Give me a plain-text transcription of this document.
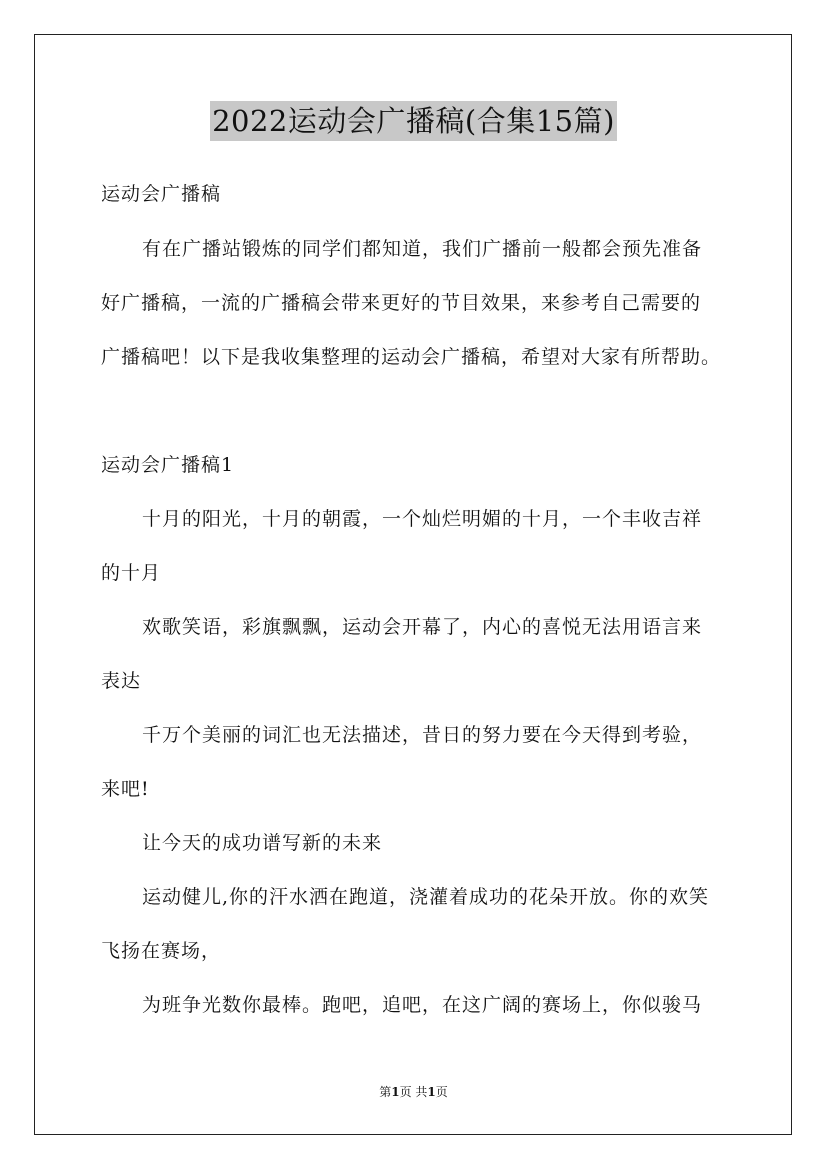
2022运动会广播稿(合集15篇)
运动会广播稿
有在广播站锻炼的同学们都知道，我们广播前一般都会预先准备
好广播稿，一流的广播稿会带来更好的节目效果，来参考自己需要的
广播稿吧！以下是我收集整理的运动会广播稿，希望对大家有所帮助。
运动会广播稿1
十月的阳光，十月的朝霞，一个灿烂明媚的十月，一个丰收吉祥
的十月
欢歌笑语，彩旗飘飘，运动会开幕了，内心的喜悦无法用语言来
表达
千万个美丽的词汇也无法描述，昔日的努力要在今天得到考验，
来吧!
让今天的成功谱写新的未来
运动健儿,你的汗水洒在跑道，浇灌着成功的花朵开放。你的欢笑
飞扬在赛场，
为班争光数你最棒。跑吧，追吧，在这广阔的赛场上，你似骏马
第1页 共1页
